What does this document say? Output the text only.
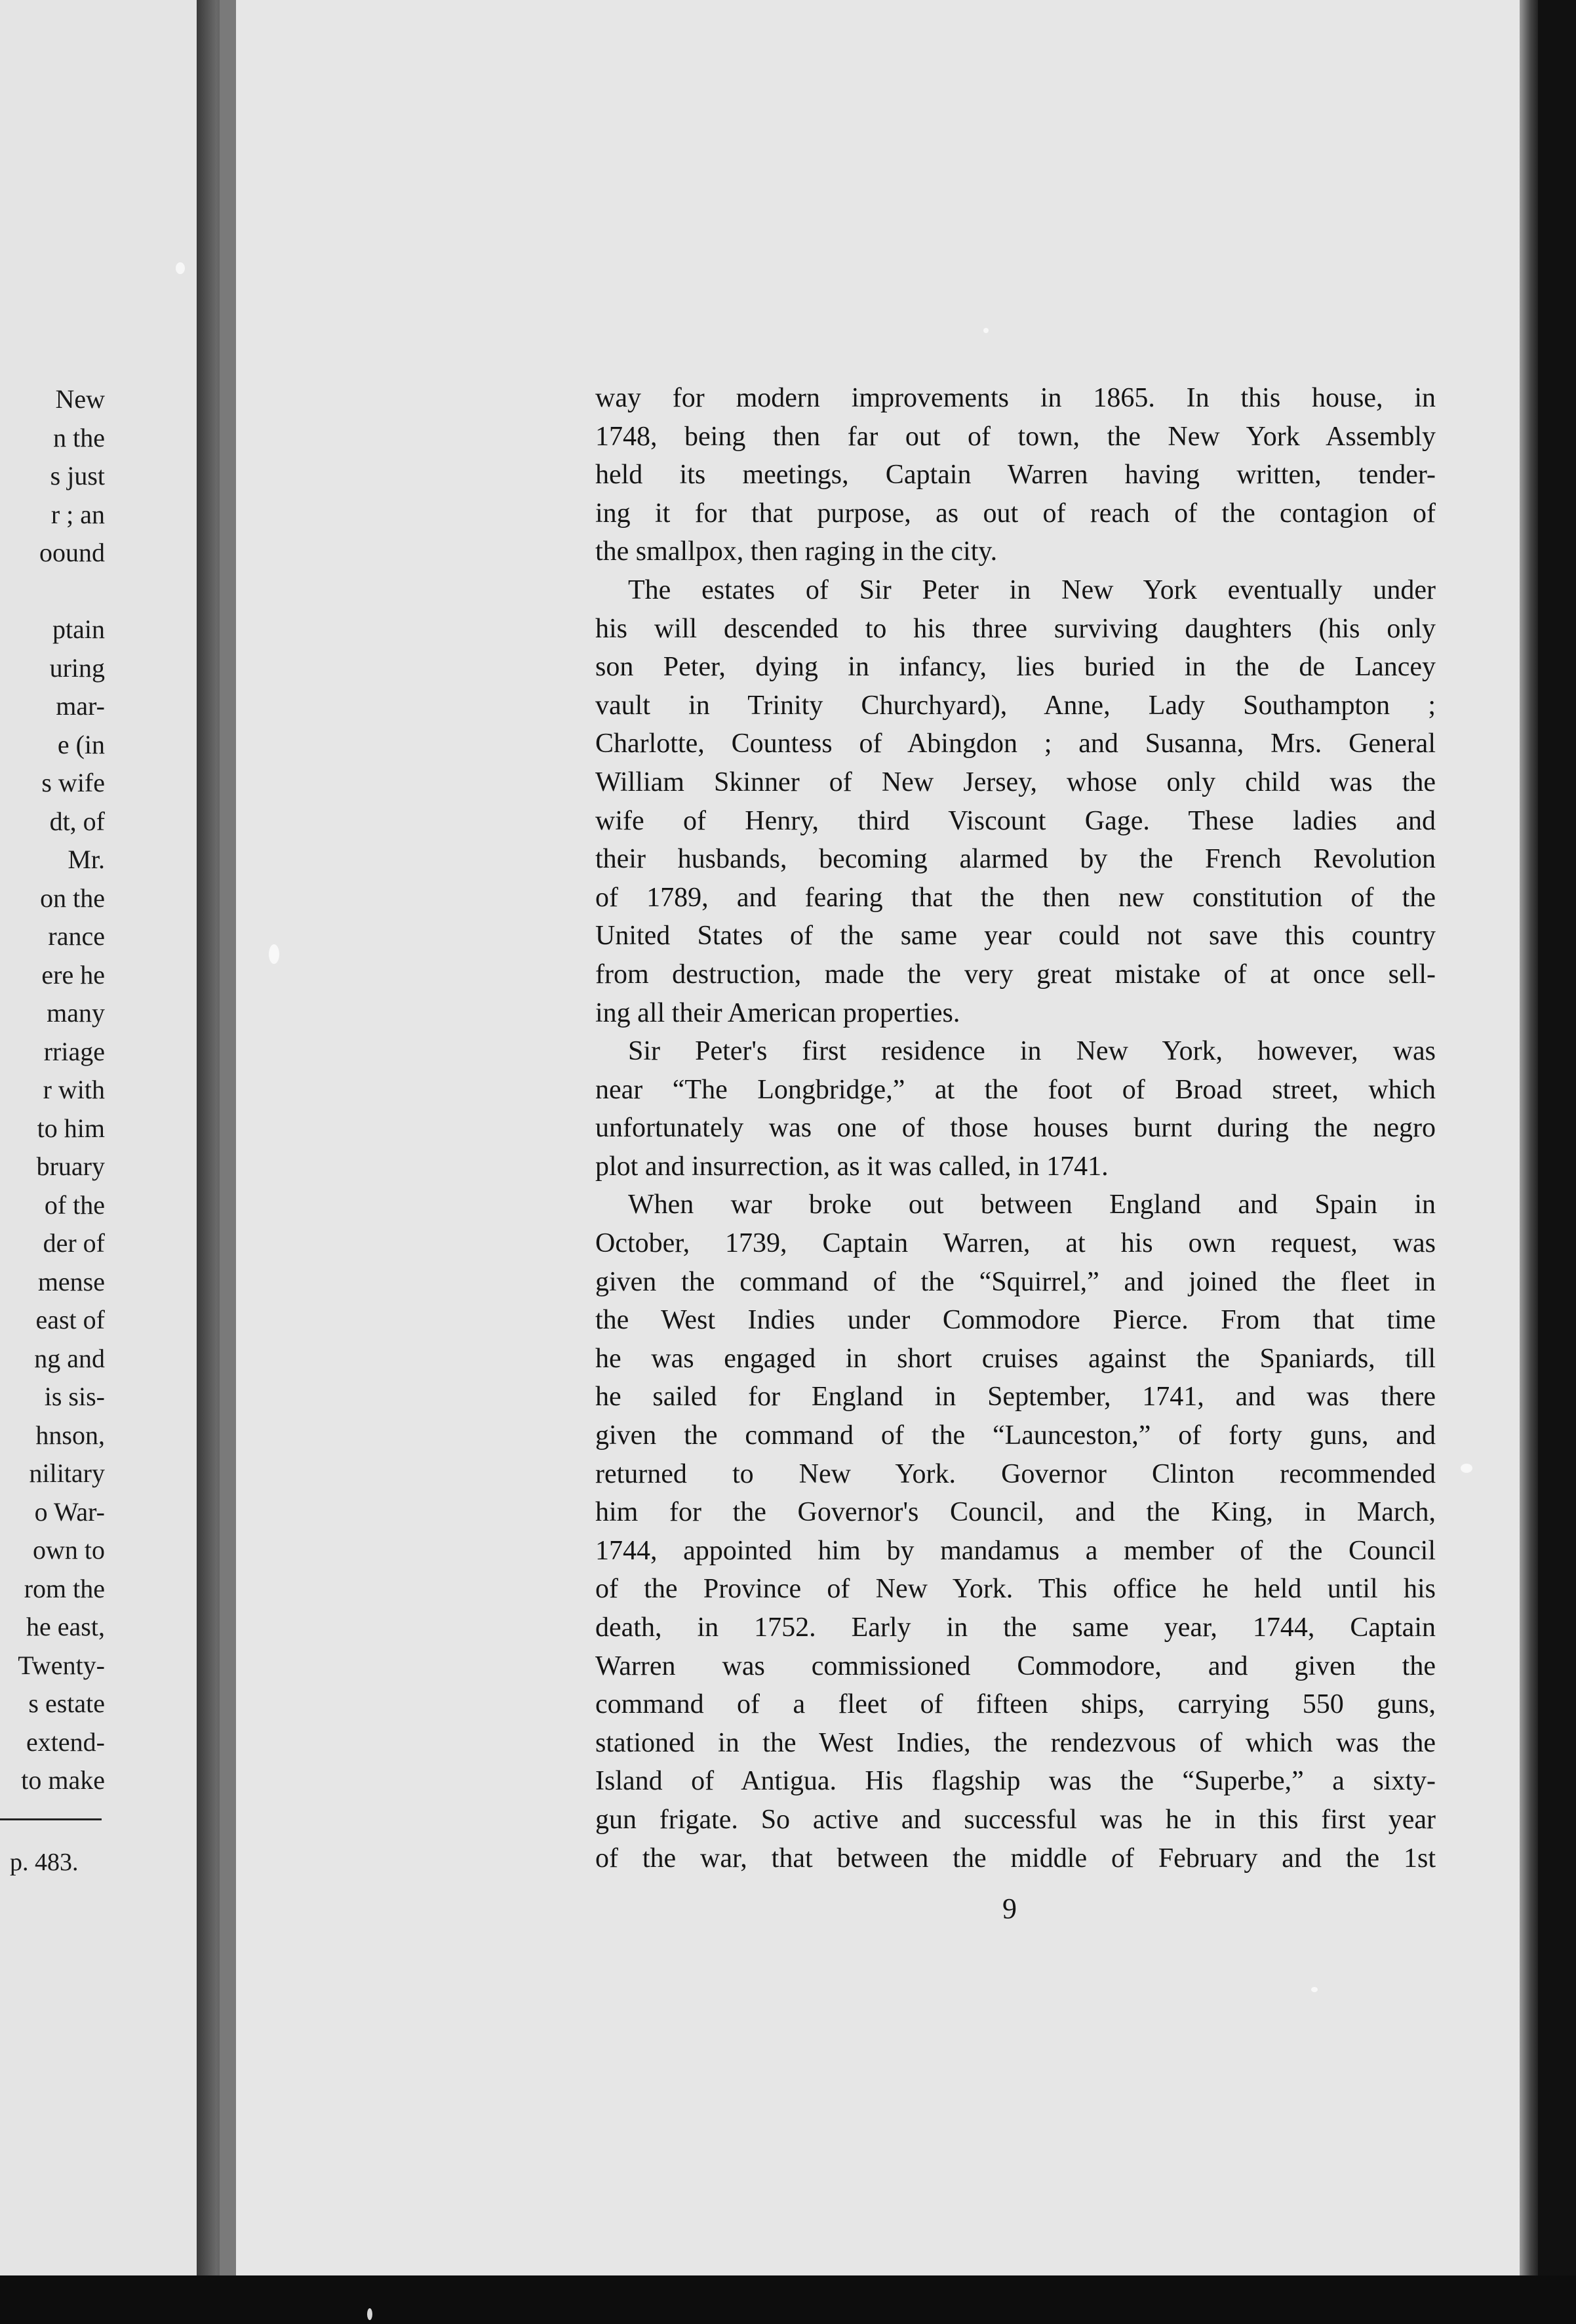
New
n the
s just
r ; an
oound
ptain
uring
mar-
e (in
s wife
dt, of
Mr.
on the
rance
ere he
many
rriage
r with
to him
bruary
of the
der of
mense
east of
ng and
is sis-
hnson,
nilitary
o War-
own to
rom the
he east,
Twenty-
s estate
extend-
to make
p. 483.
way for modern improvements in 1865. In this house, in
1748, being then far out of town, the New York Assembly
held its meetings, Captain Warren having written, tender-
ing it for that purpose, as out of reach of the contagion of
the smallpox, then raging in the city.
The estates of Sir Peter in New York eventually under
his will descended to his three surviving daughters (his only
son Peter, dying in infancy, lies buried in the de Lancey
vault in Trinity Churchyard), Anne, Lady Southampton ;
Charlotte, Countess of Abingdon ; and Susanna, Mrs. General
William Skinner of New Jersey, whose only child was the
wife of Henry, third Viscount Gage. These ladies and
their husbands, becoming alarmed by the French Revolution
of 1789, and fearing that the then new constitution of the
United States of the same year could not save this country
from destruction, made the very great mistake of at once sell-
ing all their American properties.
Sir Peter's first residence in New York, however, was
near “The Longbridge,” at the foot of Broad street, which
unfortunately was one of those houses burnt during the negro
plot and insurrection, as it was called, in 1741.
When war broke out between England and Spain in
October, 1739, Captain Warren, at his own request, was
given the command of the “Squirrel,” and joined the fleet in
the West Indies under Commodore Pierce. From that time
he was engaged in short cruises against the Spaniards, till
he sailed for England in September, 1741, and was there
given the command of the “Launceston,” of forty guns, and
returned to New York. Governor Clinton recommended
him for the Governor's Council, and the King, in March,
1744, appointed him by mandamus a member of the Council
of the Province of New York. This office he held until his
death, in 1752. Early in the same year, 1744, Captain
Warren was commissioned Commodore, and given the
command of a fleet of fifteen ships, carrying 550 guns,
stationed in the West Indies, the rendezvous of which was the
Island of Antigua. His flagship was the “Superbe,” a sixty-
gun frigate. So active and successful was he in this first year
of the war, that between the middle of February and the 1st
9
